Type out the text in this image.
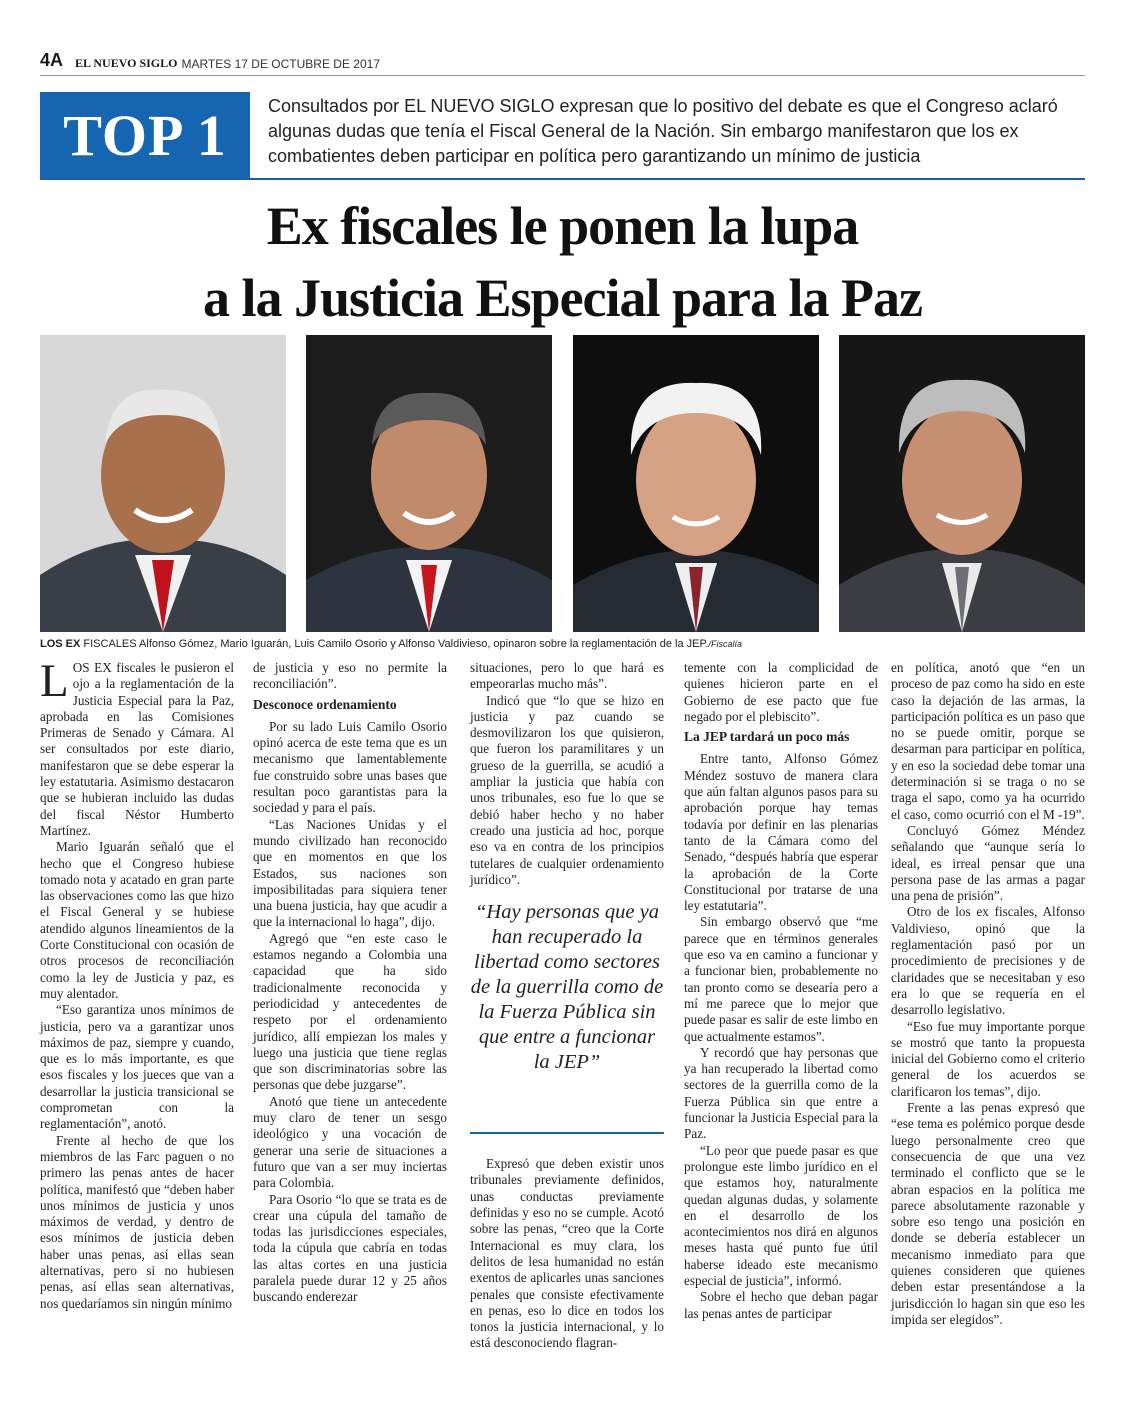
4A EL NUEVO SIGLO MARTES 17 DE OCTUBRE DE 2017
TOP 1 Consultados por EL NUEVO SIGLO expresan que lo positivo del debate es que el Congreso aclaró algunas dudas que tenía el Fiscal General de la Nación. Sin embargo manifestaron que los ex combatientes deben participar en política pero garantizando un mínimo de justicia
Ex fiscales le ponen la lupa
a la Justicia Especial para la Paz
LOS EX FISCALES Alfonso Gómez, Mario Iguarán, Luis Camilo Osorio y Alfonso Valdivieso, opinaron sobre la reglamentación de la JEP./Fiscalía

LOS EX fiscales le pusieron el ojo a la reglamentación de la Justicia Especial para la Paz, aprobada en las Comisiones Primeras de Senado y Cámara. Al ser consultados por este diario, manifestaron que se debe esperar la ley estatutaria. Asimismo destacaron que se hubieran incluido las dudas del fiscal Néstor Humberto Martínez.

Mario Iguarán señaló que el hecho que el Congreso hubiese tomado nota y acatado en gran parte las observaciones como las que hizo el Fiscal General y se hubiese atendido algunos lineamientos de la Corte Constitucional con ocasión de otros procesos de reconciliación como la ley de Justicia y paz, es muy alentador.

“Eso garantiza unos mínimos de justicia, pero va a garantizar unos máximos de paz, siempre y cuando, que es lo más importante, es que esos fiscales y los jueces que van a desarrollar la justicia transicional se comprometan con la reglamentación”, anotó.

Frente al hecho de que los miembros de las Farc paguen o no primero las penas antes de hacer política, manifestó que “deben haber unos mínimos de justicia y unos máximos de verdad, y dentro de esos mínimos de justicia deben haber unas penas, así ellas sean alternativas, pero si no hubiesen penas, así ellas sean alternativas, nos quedaríamos sin ningún mínimo

de justicia y eso no permite la reconciliación”.

Desconoce ordenamiento

Por su lado Luis Camilo Osorio opinó acerca de este tema que es un mecanismo que lamentablemente fue construido sobre unas bases que resultan poco garantistas para la sociedad y para el país.

“Las Naciones Unidas y el mundo civilizado han reconocido que en momentos en que los Estados, sus naciones son imposibilitadas para siquiera tener una buena justicia, hay que acudir a que la internacional lo haga”, dijo.

Agregó que “en este caso le estamos negando a Colombia una capacidad que ha sido tradicionalmente reconocida y periodicidad y antecedentes de respeto por el ordenamiento jurídico, allí empiezan los males y luego una justicia que tiene reglas que son discriminatorias sobre las personas que debe juzgarse”.

Anotó que tiene un antecedente muy claro de tener un sesgo ideológico y una vocación de generar una serie de situaciones a futuro que van a ser muy inciertas para Colombia.

Para Osorio “lo que se trata es de crear una cúpula del tamaño de todas las jurisdicciones especiales, toda la cúpula que cabría en todas las altas cortes en una justicia paralela puede durar 12 y 25 años buscando enderezar

situaciones, pero lo que hará es empeorarlas mucho más”.

Indicó que “lo que se hizo en justicia y paz cuando se desmovilizaron los que quisieron, que fueron los paramilitares y un grueso de la guerrilla, se acudió a ampliar la justicia que había con unos tribunales, eso fue lo que se debió haber hecho y no haber creado una justicia ad hoc, porque eso va en contra de los principios tutelares de cualquier ordenamiento jurídico”.

Expresó que deben existir unos tribunales previamente definidos, unas conductas previamente definidas y eso no se cumple. Acotó sobre las penas, “creo que la Corte Internacional es muy clara, los delitos de lesa humanidad no están exentos de aplicarles unas sanciones penales que consiste efectivamente en penas, eso lo dice en todos los tonos la justicia internacional, y lo está desconociendo flagran-

“Hay personas que ya han recuperado la libertad como sectores de la guerrilla como de la Fuerza Pública sin que entre a funcionar la JEP”

temente con la complicidad de quienes hicieron parte en el Gobierno de ese pacto que fue negado por el plebiscito”.

La JEP tardará un poco más

Entre tanto, Alfonso Gómez Méndez sostuvo de manera clara que aún faltan algunos pasos para su aprobación porque hay temas todavía por definir en las plenarias tanto de la Cámara como del Senado, “después habría que esperar la aprobación de la Corte Constitucional por tratarse de una ley estatutaria”.

Sin embargo observó que “me parece que en términos generales que eso va en camino a funcionar y a funcionar bien, probablemente no tan pronto como se desearía pero a mí me parece que lo mejor que puede pasar es salir de este limbo en que actualmente estamos”.

Y recordó que hay personas que ya han recuperado la libertad como sectores de la guerrilla como de la Fuerza Pública sin que entre a funcionar la Justicia Especial para la Paz.

“Lo peor que puede pasar es que prolongue este limbo jurídico en el que estamos hoy, naturalmente quedan algunas dudas, y solamente en el desarrollo de los acontecimientos nos dirá en algunos meses hasta qué punto fue útil haberse ideado este mecanismo especial de justicia”, informó.

Sobre el hecho que deban pagar las penas antes de participar

en política, anotó que “en un proceso de paz como ha sido en este caso la dejación de las armas, la participación política es un paso que no se puede omitir, porque se desarman para participar en política, y en eso la sociedad debe tomar una determinación si se traga o no se traga el sapo, como ya ha ocurrido el caso, como ocurrió con el M -19”.

Concluyó Gómez Méndez señalando que “aunque sería lo ideal, es irreal pensar que una persona pase de las armas a pagar una pena de prisión”.

Otro de los ex fiscales, Alfonso Valdivieso, opinó que la reglamentación pasó por un procedimiento de precisiones y de claridades que se necesitaban y eso era lo que se requería en el desarrollo legislativo.

“Eso fue muy importante porque se mostró que tanto la propuesta inicial del Gobierno como el criterio general de los acuerdos se clarificaron los temas”, dijo.

Frente a las penas expresó que “ese tema es polémico porque desde luego personalmente creo que consecuencia de que una vez terminado el conflicto que se le abran espacios en la política me parece absolutamente razonable y sobre eso tengo una posición en donde se debería establecer un mecanismo inmediato para que quienes consideren que quienes deben estar presentándose a la jurisdicción lo hagan sin que eso les impida ser elegidos”.
